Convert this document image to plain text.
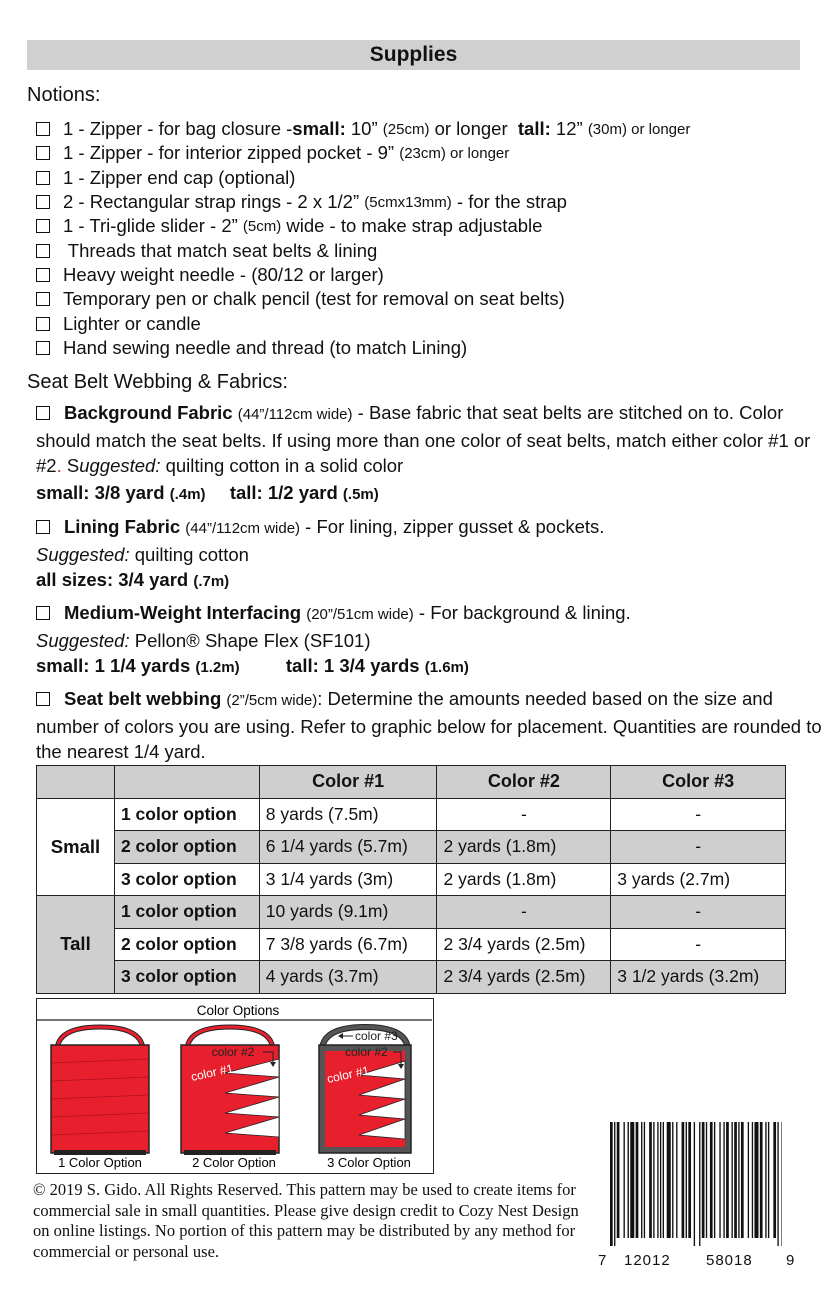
Supplies
Notions:
1 - Zipper - for bag closure - small: 10” (25cm) or longer tall: 12” (30m) or longer
1 - Zipper - for interior zipped pocket - 9” (23cm) or longer
1 - Zipper end cap (optional)
2 - Rectangular strap rings - 2 x 1/2” (5cmx13mm) - for the strap
1 - Tri-glide slider - 2” (5cm) wide - to make strap adjustable
Threads that match seat belts & lining
Heavy weight needle - (80/12 or larger)
Temporary pen or chalk pencil (test for removal on seat belts)
Lighter or candle
Hand sewing needle and thread (to match Lining)
Seat Belt Webbing & Fabrics:
Background Fabric (44”/112cm wide) - Base fabric that seat belts are stitched on to. Color should match the seat belts. If using more than one color of seat belts, match either color #1 or #2. Suggested: quilting cotton in a solid color
small: 3/8 yard (.4m) tall: 1/2 yard (.5m)
Lining Fabric (44”/112cm wide) - For lining, zipper gusset & pockets.
Suggested: quilting cotton
all sizes: 3/4 yard (.7m)
Medium-Weight Interfacing (20”/51cm wide) - For background & lining.
Suggested: Pellon® Shape Flex (SF101)
small: 1 1/4 yards (1.2m)	tall: 1 3/4 yards (1.6m)
Seat belt webbing (2”/5cm wide): Determine the amounts needed based on the size and number of colors you are using. Refer to graphic below for placement. Quantities are rounded to the nearest 1/4 yard.
		Color #1	Color #2	Color #3
Small	1 color option	8 yards (7.5m)	-	-
	2 color option	6 1/4 yards (5.7m)	2 yards (1.8m)	-
	3 color option	3 1/4 yards (3m)	2 yards (1.8m)	3 yards (2.7m)
Tall	1 color option	10 yards (9.1m)	-	-
	2 color option	7 3/8 yards (6.7m)	2 3/4 yards (2.5m)	-
	3 color option	4 yards (3.7m)	2 3/4 yards (2.5m)	3 1/2 yards (3.2m)
Color Options
color #2
color #1
color #3
color #2
color #1
1 Color Option	2 Color Option	3 Color Option
© 2019 S. Gido. All Rights Reserved. This pattern may be used to create items for commercial sale in small quantities. Please give design credit to Cozy Nest Design on online listings. No portion of this pattern may be distributed by any method for commercial or personal use.	7 12012 58018 9
